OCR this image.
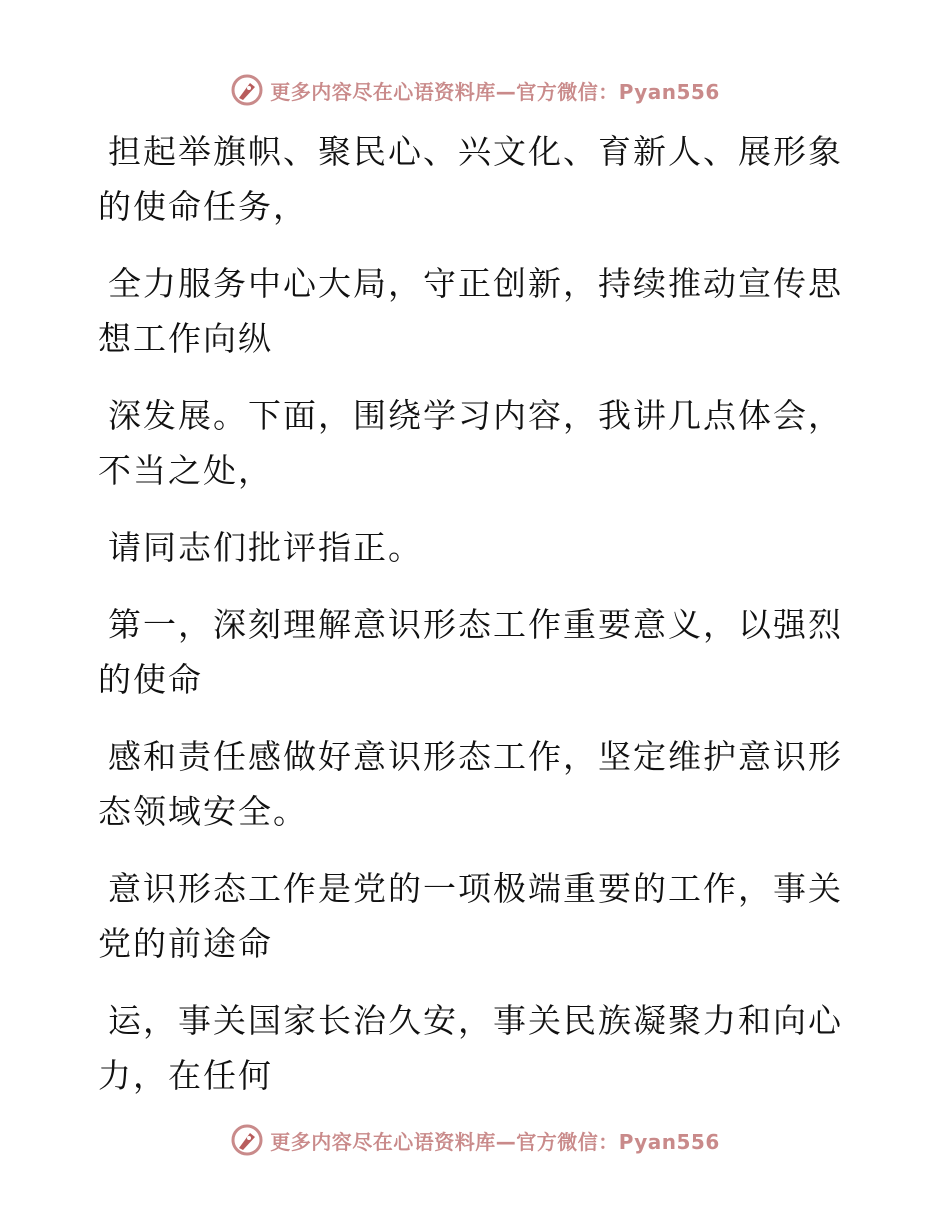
更多内容尽在心语资料库—官方微信：Pyan556

担起举旗帜、聚民心、兴文化、育新人、展形象
的使命任务，

全力服务中心大局，守正创新，持续推动宣传思
想工作向纵

深发展。下面，围绕学习内容，我讲几点体会，
不当之处，

请同志们批评指正。

第一，深刻理解意识形态工作重要意义，以强烈
的使命

感和责任感做好意识形态工作，坚定维护意识形
态领域安全。

意识形态工作是党的一项极端重要的工作，事关
党的前途命

运，事关国家长治久安，事关民族凝聚力和向心
力，在任何

更多内容尽在心语资料库—官方微信：Pyan556
